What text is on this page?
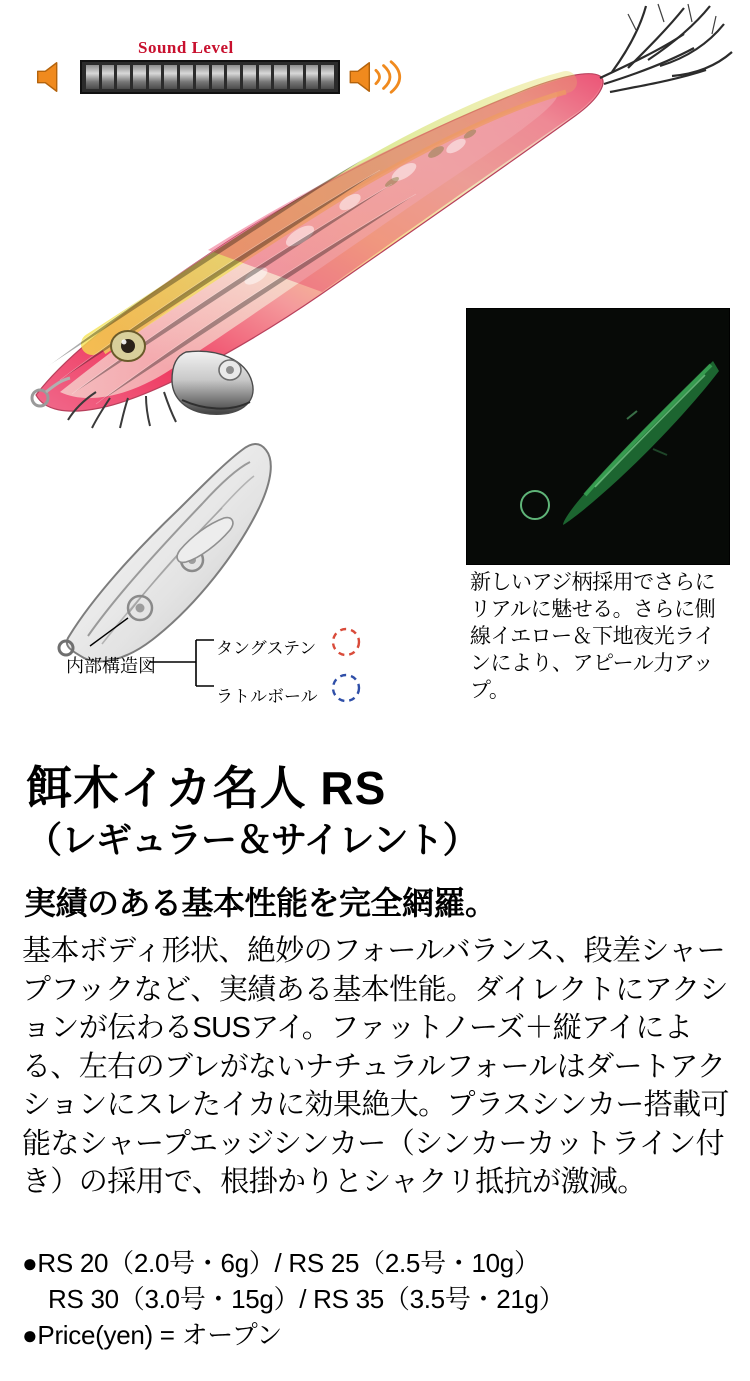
Sound Level
新しいアジ柄採用でさらにリアルに魅せる。さらに側線イエロー＆下地夜光ラインにより、アピール力アップ。
内部構造図
タングステン
ラトルボール
餌木イカ名人 RS
（レギュラー＆サイレント）
実績のある基本性能を完全網羅。
基本ボディ形状、絶妙のフォールバランス、段差シャープフックなど、実績ある基本性能。ダイレクトにアクションが伝わるSUSアイ。ファットノーズ＋縦アイによる、左右のブレがないナチュラルフォールはダートアクションにスレたイカに効果絶大。プラスシンカー搭載可能なシャープエッジシンカー（シンカーカットライン付き）の採用で、根掛かりとシャクリ抵抗が激減。
●RS 20（2.0号・6g）/ RS 25（2.5号・10g）
RS 30（3.0号・15g）/ RS 35（3.5号・21g）
●Price(yen) = オープン
